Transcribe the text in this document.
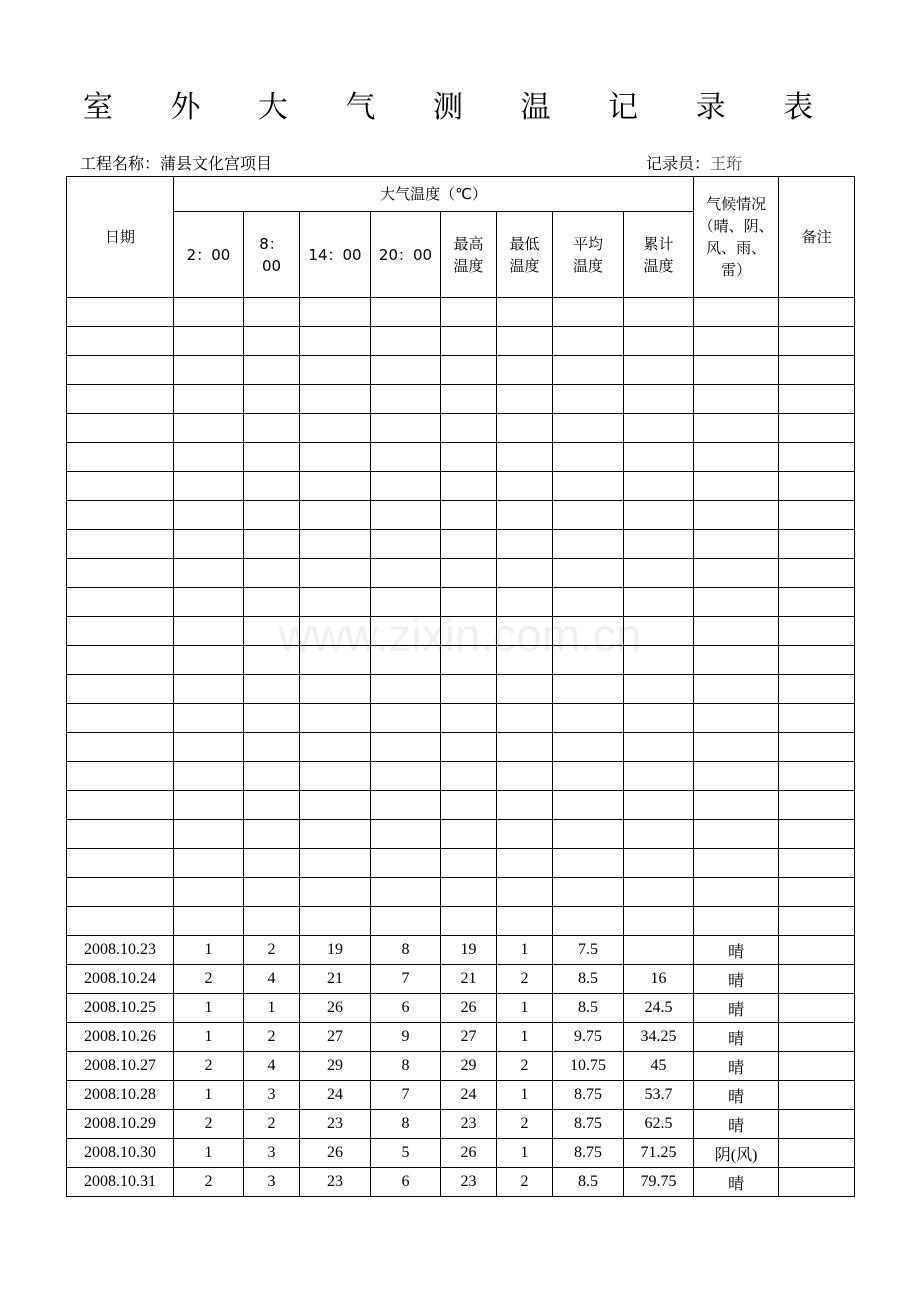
室 外 大 气 测 温 记 录 表
工程名称：蒲县文化宫项目	记录员：王珩
www.zixin.com.cn
日期	大气温度（℃）								气候情况（晴、阴、风、雨、雷）	备注
	2：00	8：00	14：00	20：00	最高温度	最低温度	平均温度	累计温度		

2008.10.23	1	2	19	8	19	1	7.5		晴	
2008.10.24	2	4	21	7	21	2	8.5	16	晴	
2008.10.25	1	1	26	6	26	1	8.5	24.5	晴	
2008.10.26	1	2	27	9	27	1	9.75	34.25	晴	
2008.10.27	2	4	29	8	29	2	10.75	45	晴	
2008.10.28	1	3	24	7	24	1	8.75	53.7	晴	
2008.10.29	2	2	23	8	23	2	8.75	62.5	晴	
2008.10.30	1	3	26	5	26	1	8.75	71.25	阴(风)	
2008.10.31	2	3	23	6	23	2	8.5	79.75	晴	
